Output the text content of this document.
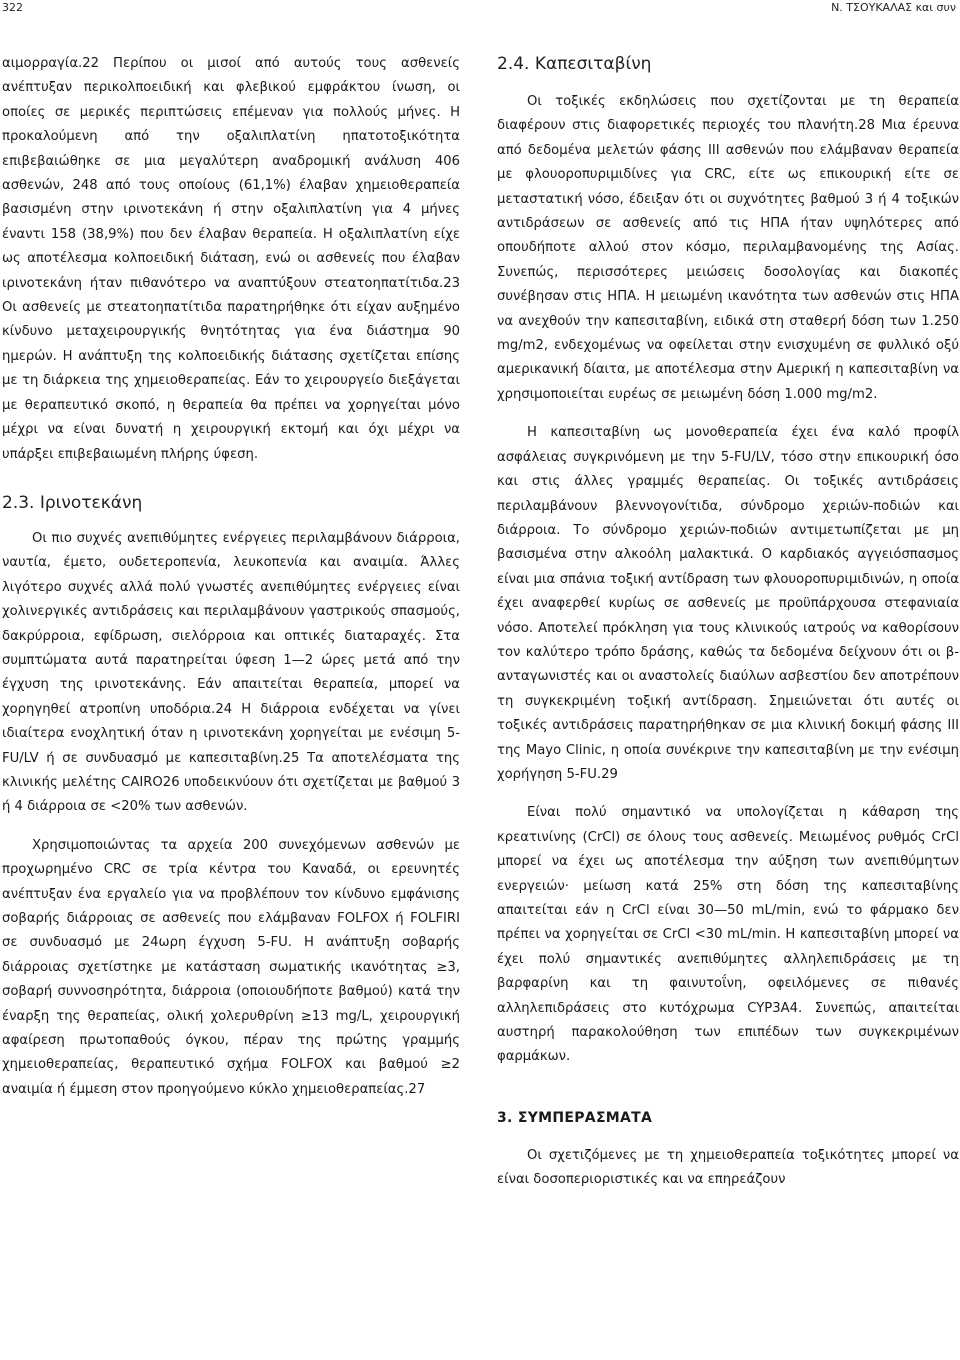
322	Ν. ΤΣΟΥΚΑΛΑΣ και συν

αιμορραγία.22 Περίπου οι μισοί από αυτούς τους ασθενείς ανέπτυξαν περικολποειδική και φλεβικού εμφράκτου ίνωση, οι οποίες σε μερικές περιπτώσεις επέμεναν για πολλούς μήνες. Η προκαλούμενη από την οξαλιπλατίνη ηπατοτοξικότητα επιβεβαιώθηκε σε μια μεγαλύτερη αναδρομική ανάλυση 406 ασθενών, 248 από τους οποίους (61,1%) έλαβαν χημειοθεραπεία βασισμένη στην ιρινοτεκάνη ή στην οξαλιπλατίνη για 4 μήνες έναντι 158 (38,9%) που δεν έλαβαν θεραπεία. Η οξαλιπλατίνη είχε ως αποτέλεσμα κολποειδική διάταση, ενώ οι ασθενείς που έλαβαν ιρινοτεκάνη ήταν πιθανότερο να αναπτύξουν στεατοηπατίτιδα.23 Οι ασθενείς με στεατοηπατίτιδα παρατηρήθηκε ότι είχαν αυξημένο κίνδυνο μεταχειρουργικής θνητότητας για ένα διάστημα 90 ημερών. Η ανάπτυξη της κολποειδικής διάτασης σχετίζεται επίσης με τη διάρκεια της χημειοθεραπείας. Εάν το χειρουργείο διεξάγεται με θεραπευτικό σκοπό, η θεραπεία θα πρέπει να χορηγείται μόνο μέχρι να είναι δυνατή η χειρουργική εκτομή και όχι μέχρι να υπάρξει επιβεβαιωμένη πλήρης ύφεση.

2.3. Ιρινοτεκάνη

Οι πιο συχνές ανεπιθύμητες ενέργειες περιλαμβάνουν διάρροια, ναυτία, έμετο, ουδετεροπενία, λευκοπενία και αναιμία. Άλλες λιγότερο συχνές αλλά πολύ γνωστές ανεπιθύμητες ενέργειες είναι χολινεργικές αντιδράσεις και περιλαμβάνουν γαστρικούς σπασμούς, δακρύρροια, εφίδρωση, σιελόρροια και οπτικές διαταραχές. Στα συμπτώματα αυτά παρατηρείται ύφεση 1—2 ώρες μετά από την έγχυση της ιρινοτεκάνης. Εάν απαιτείται θεραπεία, μπορεί να χορηγηθεί ατροπίνη υποδόρια.24 Η διάρροια ενδέχεται να γίνει ιδιαίτερα ενοχλητική όταν η ιρινοτεκάνη χορηγείται με ενέσιμη 5-FU/LV ή σε συνδυασμό με καπεσιταβίνη.25 Τα αποτελέσματα της κλινικής μελέτης CAIRO26 υποδεικνύουν ότι σχετίζεται με βαθμού 3 ή 4 διάρροια σε <20% των ασθενών.

Χρησιμοποιώντας τα αρχεία 200 συνεχόμενων ασθενών με προχωρημένο CRC σε τρία κέντρα του Καναδά, οι ερευνητές ανέπτυξαν ένα εργαλείο για να προβλέπουν τον κίνδυνο εμφάνισης σοβαρής διάρροιας σε ασθενείς που ελάμβαναν FOLFOX ή FOLFIRI σε συνδυασμό με 24ωρη έγχυση 5-FU. Η ανάπτυξη σοβαρής διάρροιας σχετίστηκε με κατάσταση σωματικής ικανότητας ≥3, σοβαρή συννοσηρότητα, διάρροια (οποιουδήποτε βαθμού) κατά την έναρξη της θεραπείας, ολική χολερυθρίνη ≥13 mg/L, χειρουργική αφαίρεση πρωτοπαθούς όγκου, πέραν της πρώτης γραμμής χημειοθεραπείας, θεραπευτικό σχήμα FOLFOX και βαθμού ≥2 αναιμία ή έμμεση στον προηγούμενο κύκλο χημειοθεραπείας.27

2.4. Καπεσιταβίνη

Οι τοξικές εκδηλώσεις που σχετίζονται με τη θεραπεία διαφέρουν στις διαφορετικές περιοχές του πλανήτη.28 Μια έρευνα από δεδομένα μελετών φάσης III ασθενών που ελάμβαναν θεραπεία με φλουοροπυριμιδίνες για CRC, είτε ως επικουρική είτε σε μεταστατική νόσο, έδειξαν ότι οι συχνότητες βαθμού 3 ή 4 τοξικών αντιδράσεων σε ασθενείς από τις ΗΠΑ ήταν υψηλότερες από οπουδήποτε αλλού στον κόσμο, περιλαμβανομένης της Ασίας. Συνεπώς, περισσότερες μειώσεις δοσολογίας και διακοπές συνέβησαν στις ΗΠΑ. Η μειωμένη ικανότητα των ασθενών στις ΗΠΑ να ανεχθούν την καπεσιταβίνη, ειδικά στη σταθερή δόση των 1.250 mg/m2, ενδεχομένως να οφείλεται στην ενισχυμένη σε φυλλικό οξύ αμερικανική δίαιτα, με αποτέλεσμα στην Αμερική η καπεσιταβίνη να χρησιμοποιείται ευρέως σε μειωμένη δόση 1.000 mg/m2.

Η καπεσιταβίνη ως μονοθεραπεία έχει ένα καλό προφίλ ασφάλειας συγκρινόμενη με την 5-FU/LV, τόσο στην επικουρική όσο και στις άλλες γραμμές θεραπείας. Οι τοξικές αντιδράσεις περιλαμβάνουν βλεννογονίτιδα, σύνδρομο χεριών-ποδιών και διάρροια. Το σύνδρομο χεριών-ποδιών αντιμετωπίζεται με μη βασισμένα στην αλκοόλη μαλακτικά. Ο καρδιακός αγγειόσπασμος είναι μια σπάνια τοξική αντίδραση των φλουοροπυριμιδινών, η οποία έχει αναφερθεί κυρίως σε ασθενείς με προϋπάρχουσα στεφανιαία νόσο. Αποτελεί πρόκληση για τους κλινικούς ιατρούς να καθορίσουν τον καλύτερο τρόπο δράσης, καθώς τα δεδομένα δείχνουν ότι οι β-ανταγωνιστές και οι αναστολείς διαύλων ασβεστίου δεν αποτρέπουν τη συγκεκριμένη τοξική αντίδραση. Σημειώνεται ότι αυτές οι τοξικές αντιδράσεις παρατηρήθηκαν σε μια κλινική δοκιμή φάσης III της Mayo Clinic, η οποία συνέκρινε την καπεσιταβίνη με την ενέσιμη χορήγηση 5-FU.29

Είναι πολύ σημαντικό να υπολογίζεται η κάθαρση της κρεατινίνης (CrCl) σε όλους τους ασθενείς. Μειωμένος ρυθμός CrCl μπορεί να έχει ως αποτέλεσμα την αύξηση των ανεπιθύμητων ενεργειών· μείωση κατά 25% στη δόση της καπεσιταβίνης απαιτείται εάν η CrCl είναι 30—50 mL/min, ενώ το φάρμακο δεν πρέπει να χορηγείται σε CrCl <30 mL/min. Η καπεσιταβίνη μπορεί να έχει πολύ σημαντικές ανεπιθύμητες αλληλεπιδράσεις με τη βαρφαρίνη και τη φαινυτοΐνη, οφειλόμενες σε πιθανές αλληλεπιδράσεις στο κυτόχρωμα CYP3A4. Συνεπώς, απαιτείται αυστηρή παρακολούθηση των επιπέδων των συγκεκριμένων φαρμάκων.

3. ΣΥΜΠΕΡΑΣΜΑΤΑ

Οι σχετιζόμενες με τη χημειοθεραπεία τοξικότητες μπορεί να είναι δοσοπεριοριστικές και να επηρεάζουν
